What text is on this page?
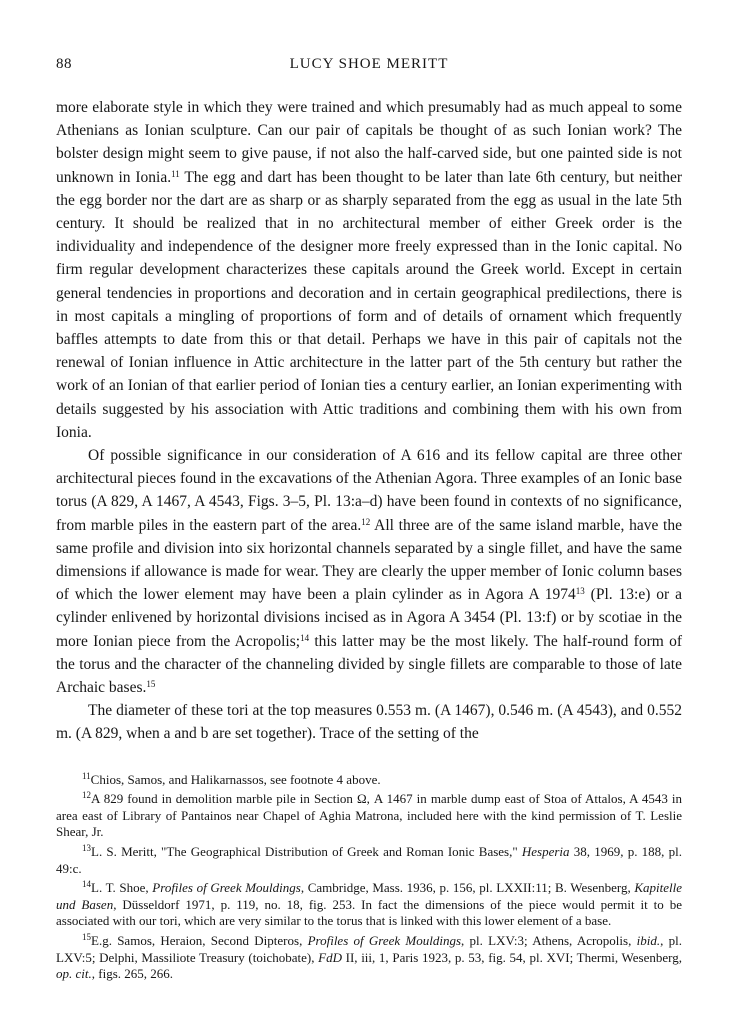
88	LUCY SHOE MERITT

more elaborate style in which they were trained and which presumably had as much appeal to some Athenians as Ionian sculpture. Can our pair of capitals be thought of as such Ionian work? The bolster design might seem to give pause, if not also the half-carved side, but one painted side is not unknown in Ionia.$^{11}$ The egg and dart has been thought to be later than late 6th century, but neither the egg border nor the dart are as sharp or as sharply separated from the egg as usual in the late 5th century. It should be realized that in no architectural member of either Greek order is the individuality and independence of the designer more freely expressed than in the Ionic capital. No firm regular development characterizes these capitals around the Greek world. Except in certain general tendencies in proportions and decoration and in certain geographical predilections, there is in most capitals a mingling of proportions of form and of details of ornament which frequently baffles attempts to date from this or that detail. Perhaps we have in this pair of capitals not the renewal of Ionian influence in Attic architecture in the latter part of the 5th century but rather the work of an Ionian of that earlier period of Ionian ties a century earlier, an Ionian experimenting with details suggested by his association with Attic traditions and combining them with his own from Ionia.

Of possible significance in our consideration of A 616 and its fellow capital are three other architectural pieces found in the excavations of the Athenian Agora. Three examples of an Ionic base torus (A 829, A 1467, A 4543, Figs. 3–5, Pl. 13:a–d) have been found in contexts of no significance, from marble piles in the eastern part of the area.$^{12}$ All three are of the same island marble, have the same profile and division into six horizontal channels separated by a single fillet, and have the same dimensions if allowance is made for wear. They are clearly the upper member of Ionic column bases of which the lower element may have been a plain cylinder as in Agora A 1974$^{13}$ (Pl. 13:e) or a cylinder enlivened by horizontal divisions incised as in Agora A 3454 (Pl. 13:f) or by scotiae in the more Ionian piece from the Acropolis;$^{14}$ this latter may be the most likely. The half-round form of the torus and the character of the channeling divided by single fillets are comparable to those of late Archaic bases.$^{15}$

The diameter of these tori at the top measures 0.553 m. (A 1467), 0.546 m. (A 4543), and 0.552 m. (A 829, when a and b are set together). Trace of the setting of the

$^{11}$Chios, Samos, and Halikarnassos, see footnote 4 above.

$^{12}$A 829 found in demolition marble pile in Section Ω, A 1467 in marble dump east of Stoa of Attalos, A 4543 in area east of Library of Pantainos near Chapel of Aghia Matrona, included here with the kind permission of T. Leslie Shear, Jr.

$^{13}$L. S. Meritt, "The Geographical Distribution of Greek and Roman Ionic Bases," Hesperia 38, 1969, p. 188, pl. 49:c.

$^{14}$L. T. Shoe, Profiles of Greek Mouldings, Cambridge, Mass. 1936, p. 156, pl. LXXII:11; B. Wesenberg, Kapitelle und Basen, Düsseldorf 1971, p. 119, no. 18, fig. 253. In fact the dimensions of the piece would permit it to be associated with our tori, which are very similar to the torus that is linked with this lower element of a base.

$^{15}$E.g. Samos, Heraion, Second Dipteros, Profiles of Greek Mouldings, pl. LXV:3; Athens, Acropolis, ibid., pl. LXV:5; Delphi, Massiliote Treasury (toichobate), FdD II, iii, 1, Paris 1923, p. 53, fig. 54, pl. XVI; Thermi, Wesenberg, op. cit., figs. 265, 266.
